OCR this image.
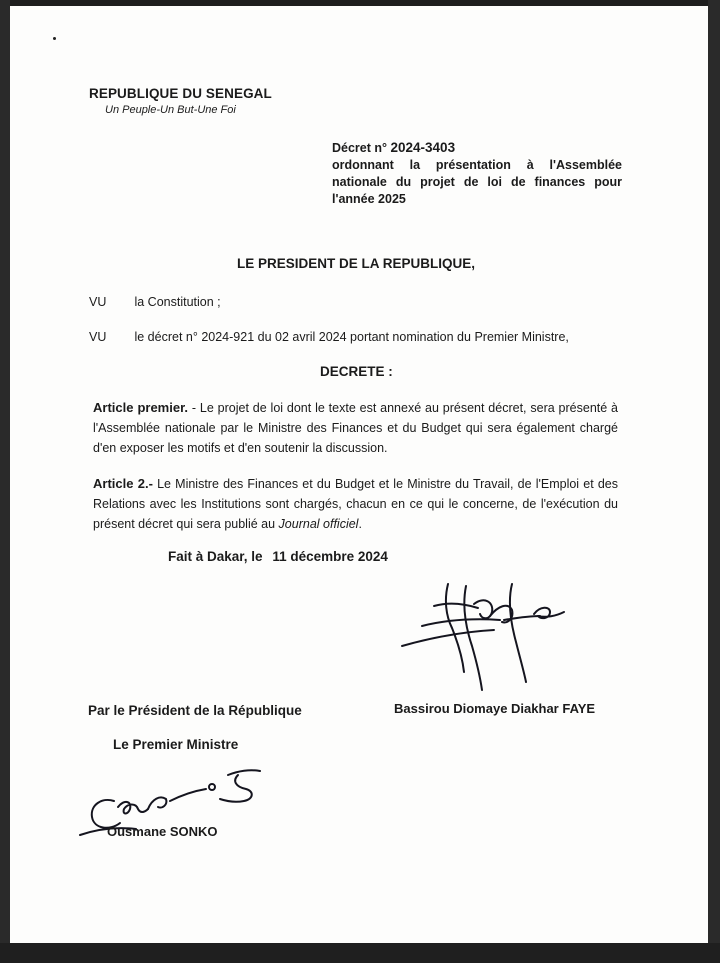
REPUBLIQUE DU SENEGAL
Un Peuple-Un But-Une Foi
Décret n° 2024-3403
ordonnant la présentation à l'Assemblée nationale du projet de loi de finances pour l'année 2025
LE PRESIDENT DE LA REPUBLIQUE,
VU la Constitution ;
VU le décret n° 2024-921 du 02 avril 2024 portant nomination du Premier Ministre,
DECRETE :
Article premier. - Le projet de loi dont le texte est annexé au présent décret, sera présenté à l'Assemblée nationale par le Ministre des Finances et du Budget qui sera également chargé d'en exposer les motifs et d'en soutenir la discussion.
Article 2.- Le Ministre des Finances et du Budget et le Ministre du Travail, de l'Emploi et des Relations avec les Institutions sont chargés, chacun en ce qui le concerne, de l'exécution du présent décret qui sera publié au Journal officiel.
Fait à Dakar, le 11 décembre 2024
Par le Président de la République	Bassirou Diomaye Diakhar FAYE
Le Premier Ministre
Ousmane SONKO
